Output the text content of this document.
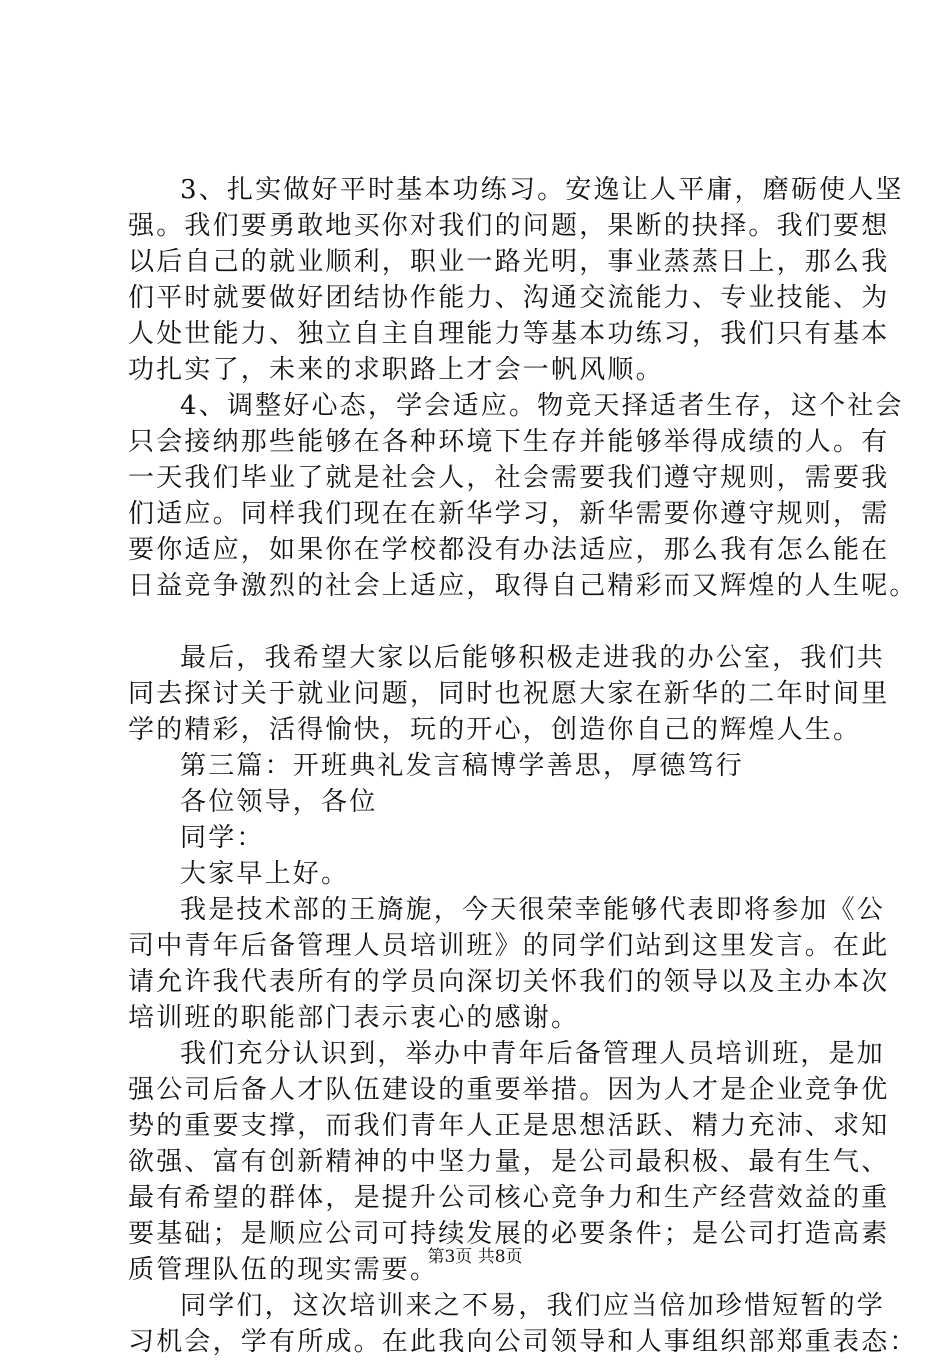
3、扎实做好平时基本功练习。安逸让人平庸，磨砺使人坚
强。我们要勇敢地买你对我们的问题，果断的抉择。我们要想
以后自己的就业顺利，职业一路光明，事业蒸蒸日上，那么我
们平时就要做好团结协作能力、沟通交流能力、专业技能、为
人处世能力、独立自主自理能力等基本功练习，我们只有基本
功扎实了，未来的求职路上才会一帆风顺。
4、调整好心态，学会适应。物竞天择适者生存，这个社会
只会接纳那些能够在各种环境下生存并能够举得成绩的人。有
一天我们毕业了就是社会人，社会需要我们遵守规则，需要我
们适应。同样我们现在在新华学习，新华需要你遵守规则，需
要你适应，如果你在学校都没有办法适应，那么我有怎么能在
日益竞争激烈的社会上适应，取得自己精彩而又辉煌的人生呢。
最后，我希望大家以后能够积极走进我的办公室，我们共
同去探讨关于就业问题，同时也祝愿大家在新华的二年时间里
学的精彩，活得愉快，玩的开心，创造你自己的辉煌人生。
第三篇：开班典礼发言稿博学善思，厚德笃行
各位领导，各位
同学：
大家早上好。
我是技术部的王旖旎，今天很荣幸能够代表即将参加《公
司中青年后备管理人员培训班》的同学们站到这里发言。在此
请允许我代表所有的学员向深切关怀我们的领导以及主办本次
培训班的职能部门表示衷心的感谢。
我们充分认识到，举办中青年后备管理人员培训班，是加
强公司后备人才队伍建设的重要举措。因为人才是企业竞争优
势的重要支撑，而我们青年人正是思想活跃、精力充沛、求知
欲强、富有创新精神的中坚力量，是公司最积极、最有生气、
最有希望的群体，是提升公司核心竞争力和生产经营效益的重
要基础；是顺应公司可持续发展的必要条件；是公司打造高素
质管理队伍的现实需要。
同学们，这次培训来之不易，我们应当倍加珍惜短暂的学
习机会，学有所成。在此我向公司领导和人事组织部郑重表态：
第3页 共8页
